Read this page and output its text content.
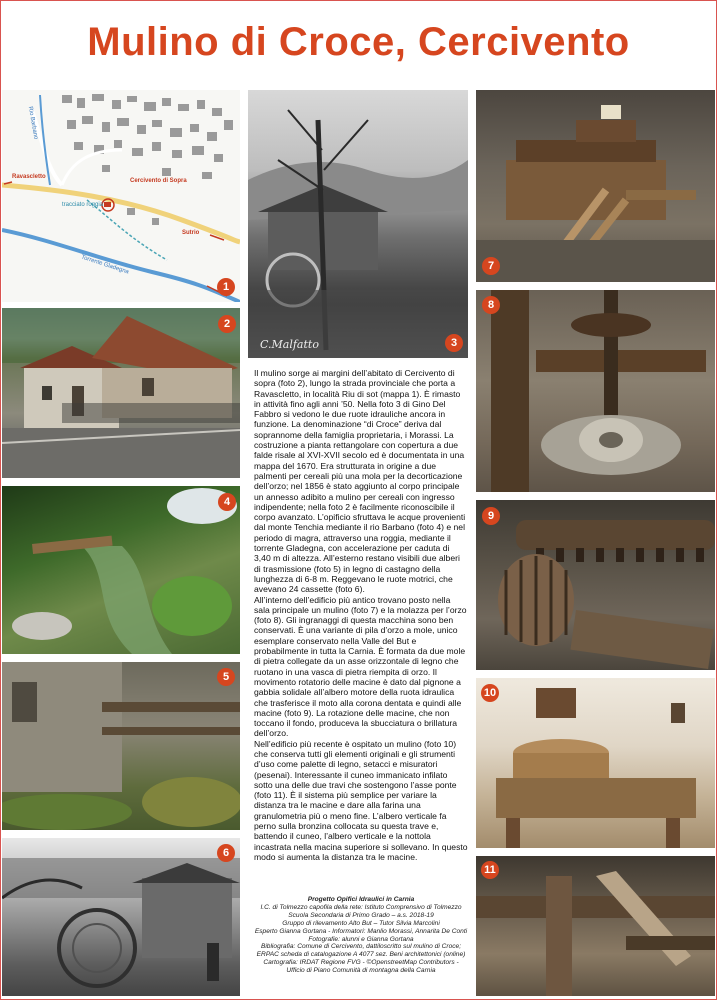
Mulino di Croce, Cercivento
Ravascletto
Cercivento di Sopra
Sutrio
tracciato roggia
Torrente Gladegna
Rio Barbano
1
2
C.Malfatto	3
4
5
6
7
8
9
10
11

Il mulino sorge ai margini dell’abitato di Cercivento di sopra (foto 2), lungo la strada provinciale che porta a Ravascletto, in località Riu di sot (mappa 1). È rimasto in attività fino agli anni ’50. Nella foto 3 di Gino Del Fabbro si vedono le due ruote idrauliche ancora in funzione. La denominazione “di Croce” deriva dal soprannome della famiglia proprietaria, i Morassi. La costruzione a pianta rettangolare con copertura a due falde risale al XVI-XVII secolo ed è documentata in una mappa del 1670. Era strutturata in origine a due palmenti per cereali più una mola per la decorticazione dell’orzo; nel 1856 è stato aggiunto al corpo principale un annesso adibito a mulino per cereali con ingresso indipendente; nella foto 2 è facilmente riconoscibile il corpo avanzato. L’opificio sfruttava le acque provenienti dal monte Tenchia mediante il rio Barbano (foto 4) e nel periodo di magra, attraverso una roggia, mediante il torrente Gladegna, con accelerazione per caduta di 3,40 m di altezza. All’esterno restano visibili due alberi di trasmissione (foto 5) in legno di castagno della lunghezza di 6-8 m. Reggevano le ruote motrici, che avevano 24 cassette (foto 6).

All’interno dell’edificio più antico trovano posto nella sala principale un mulino (foto 7) e la molazza per l’orzo (foto 8). Gli ingranaggi di questa macchina sono ben conservati. È una variante di pila d’orzo a mole, unico esemplare conservato nella Valle del But e probabilmente in tutta la Carnia. È formata da due mole di pietra collegate da un asse orizzontale di legno che ruotano in una vasca di pietra riempita di orzo. Il movimento rotatorio delle macine è dato dal pignone a gabbia solidale all’albero motore della ruota idraulica che trasferisce il moto alla corona dentata e quindi alle macine (foto 9). La rotazione delle macine, che non toccano il fondo, produceva la sbucciatura o brillatura dell’orzo.

Nell’edificio più recente è ospitato un mulino (foto 10) che conserva tutti gli elementi originali e gli strumenti d’uso come palette di legno, setacci e misuratori (pesenai). Interessante il cuneo immanicato infilato sotto una delle due travi che sostengono l’asse ponte (foto 11). È il sistema più semplice per variare la distanza tra le macine e dare alla farina una granulometria più o meno fine. L’albero verticale fa perno sulla bronzina collocata su questa trave e, battendo il cuneo, l’albero verticale e la nottola incastrata nella macina superiore si sollevano. In questo modo si aumenta la distanza tra le macine.

Progetto Opifici Idraulici in Carnia
I.C. di Tolmezzo capofila della rete: Istituto Comprensivo di Tolmezzo
Scuola Secondaria di Primo Grado – a.s. 2018-19
Gruppo di rilevamento Alto But – Tutor Silvia Marcolini
Esperto Gianna Gortana - Informatori: Manlio Morassi, Annarita De Conti
Fotografie: alunni e Gianna Gortana
Bibliografia: Comune di Cercivento, dattiloscritto sul mulino di Croce;
ERPAC scheda di catalogazione A 4077 sez. Beni architettonici (online)
Cartografia: IRDAT Regione FVG - ©OpenstreetMap Contributors -
Ufficio di Piano Comunità di montagna della Carnia
